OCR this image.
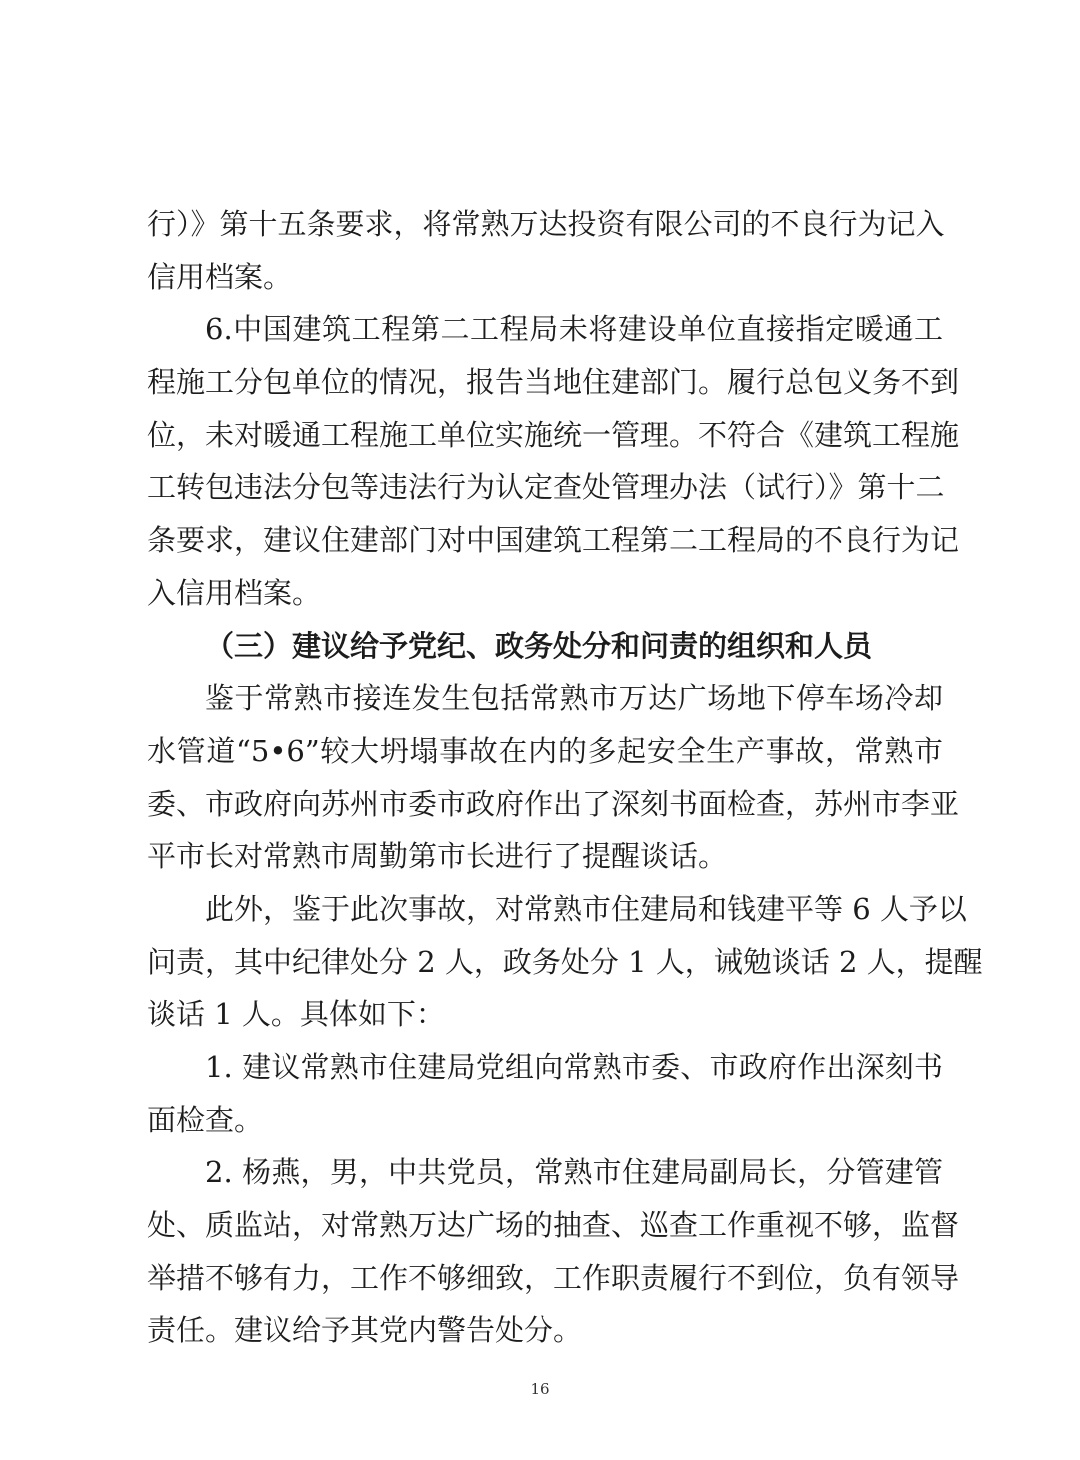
行）》第十五条要求，将常熟万达投资有限公司的不良行为记入
信用档案。
6.中国建筑工程第二工程局未将建设单位直接指定暖通工
程施工分包单位的情况，报告当地住建部门。履行总包义务不到
位，未对暖通工程施工单位实施统一管理。不符合《建筑工程施
工转包违法分包等违法行为认定查处管理办法（试行）》第十二
条要求，建议住建部门对中国建筑工程第二工程局的不良行为记
入信用档案。
（三）建议给予党纪、政务处分和问责的组织和人员
鉴于常熟市接连发生包括常熟市万达广场地下停车场冷却
水管道“5•6”较大坍塌事故在内的多起安全生产事故，常熟市
委、市政府向苏州市委市政府作出了深刻书面检查，苏州市李亚
平市长对常熟市周勤第市长进行了提醒谈话。
此外，鉴于此次事故，对常熟市住建局和钱建平等 6 人予以
问责，其中纪律处分 2 人，政务处分 1 人，诫勉谈话 2 人，提醒
谈话 1 人。具体如下：
1. 建议常熟市住建局党组向常熟市委、市政府作出深刻书
面检查。
2. 杨燕，男，中共党员，常熟市住建局副局长，分管建管
处、质监站，对常熟万达广场的抽查、巡查工作重视不够，监督
举措不够有力，工作不够细致，工作职责履行不到位，负有领导
责任。建议给予其党内警告处分。
16
